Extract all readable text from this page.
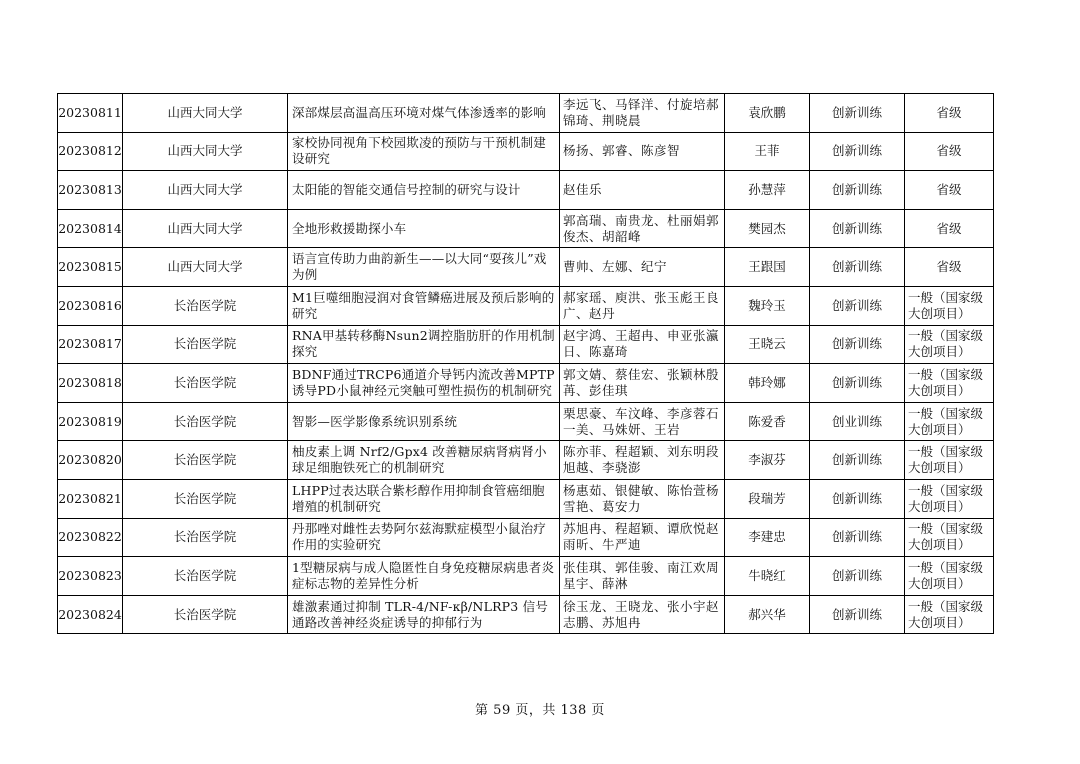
20230811	山西大同大学	深部煤层高温高压环境对煤气体渗透率的影响	李远飞、马铎洋、付旋培郝锦琦、荆晓晨	袁欣鹏	创新训练	省级

20230812	山西大同大学	家校协同视角下校园欺凌的预防与干预机制建设研究	杨扬、郭睿、陈彦智	王菲	创新训练	省级

20230813	山西大同大学	太阳能的智能交通信号控制的研究与设计	赵佳乐	孙慧萍	创新训练	省级

20230814	山西大同大学	全地形救援勘探小车	郭高瑞、南贵龙、杜丽娟郭俊杰、胡韶峰	樊园杰	创新训练	省级

20230815	山西大同大学	语言宣传助力曲韵新生——以大同“耍孩儿”戏为例	曹帅、左娜、纪宁	王跟国	创新训练	省级

20230816	长治医学院	M1巨噬细胞浸润对食管鳞癌进展及预后影响的研究	郝家瑶、庾洪、张玉彪王良广、赵丹	魏玲玉	创新训练	一般（国家级大创项目）

20230817	长治医学院	RNA甲基转移酶Nsun2调控脂肪肝的作用机制探究	赵宇鸿、王超冉、申亚张瀛日、陈嘉琦	王晓云	创新训练	一般（国家级大创项目）

20230818	长治医学院	BDNF通过TRCP6通道介导钙内流改善MPTP诱导PD小鼠神经元突触可塑性损伤的机制研究	郭文婧、蔡佳宏、张颖林殷苒、彭佳琪	韩玲娜	创新训练	一般（国家级大创项目）

20230819	长治医学院	智影—医学影像系统识别系统	栗思豪、车汶峰、李彦蓉石一美、马姝妍、王岩	陈爱香	创业训练	一般（国家级大创项目）

20230820	长治医学院	柚皮素上调 Nrf2/Gpx4 改善糖尿病肾病肾小球足细胞铁死亡的机制研究	陈亦菲、程超颖、刘东明段旭越、李骁澎	李淑芬	创新训练	一般（国家级大创项目）

20230821	长治医学院	LHPP过表达联合紫杉醇作用抑制食管癌细胞增殖的机制研究	杨惠茹、银健敏、陈怡萱杨雪艳、葛安力	段瑞芳	创新训练	一般（国家级大创项目）

20230822	长治医学院	丹那唑对雌性去势阿尔兹海默症模型小鼠治疗作用的实验研究	苏旭冉、程超颖、谭欣悦赵雨昕、牛严迪	李建忠	创新训练	一般（国家级大创项目）

20230823	长治医学院	1型糖尿病与成人隐匿性自身免疫糖尿病患者炎症标志物的差异性分析	张佳琪、郭佳骏、南江欢周星宇、薛淋	牛晓红	创新训练	一般（国家级大创项目）

20230824	长治医学院	雄激素通过抑制 TLR-4/NF-κβ/NLRP3 信号通路改善神经炎症诱导的抑郁行为	徐玉龙、王晓龙、张小宇赵志鹏、苏旭冉	郝兴华	创新训练	一般（国家级大创项目）
第 59 页，共 138 页
